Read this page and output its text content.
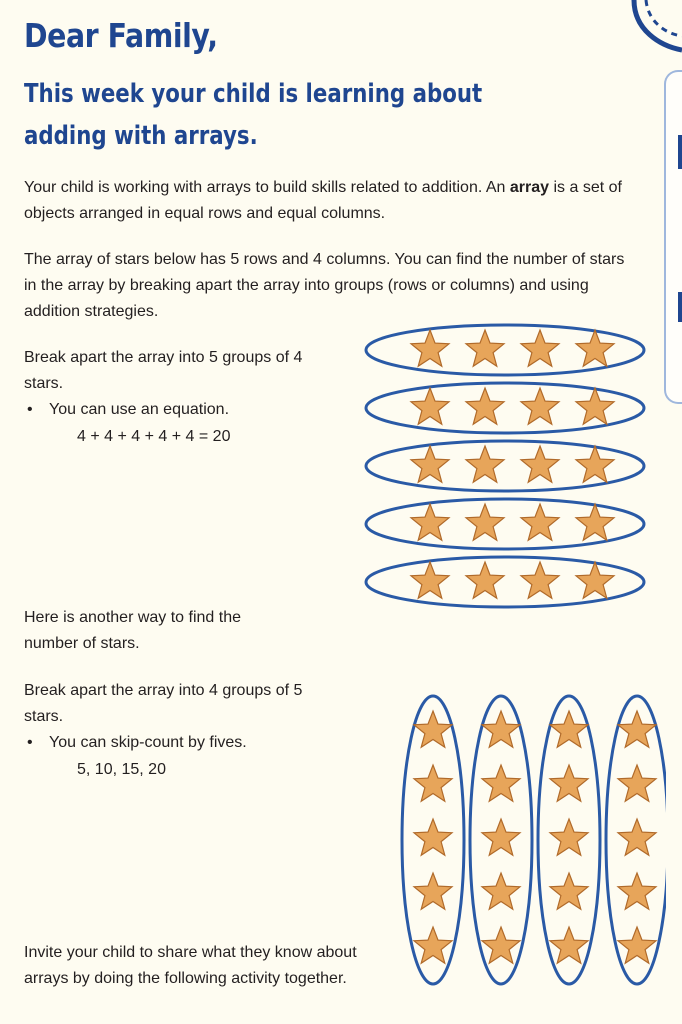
Dear Family,
This week your child is learning about adding with arrays.

Your child is working with arrays to build skills related to addition. An array is a set of objects arranged in equal rows and equal columns.

The array of stars below has 5 rows and 4 columns. You can find the number of stars in the array by breaking apart the array into groups (rows or columns) and using addition strategies.

Break apart the array into 5 groups of 4 stars.

• You can use an equation.

4 + 4 + 4 + 4 + 4 = 20

Here is another way to find the number of stars.

Break apart the array into 4 groups of 5 stars.

• You can skip-count by fives.

5, 10, 15, 20

Invite your child to share what they know about arrays by doing the following activity together.
